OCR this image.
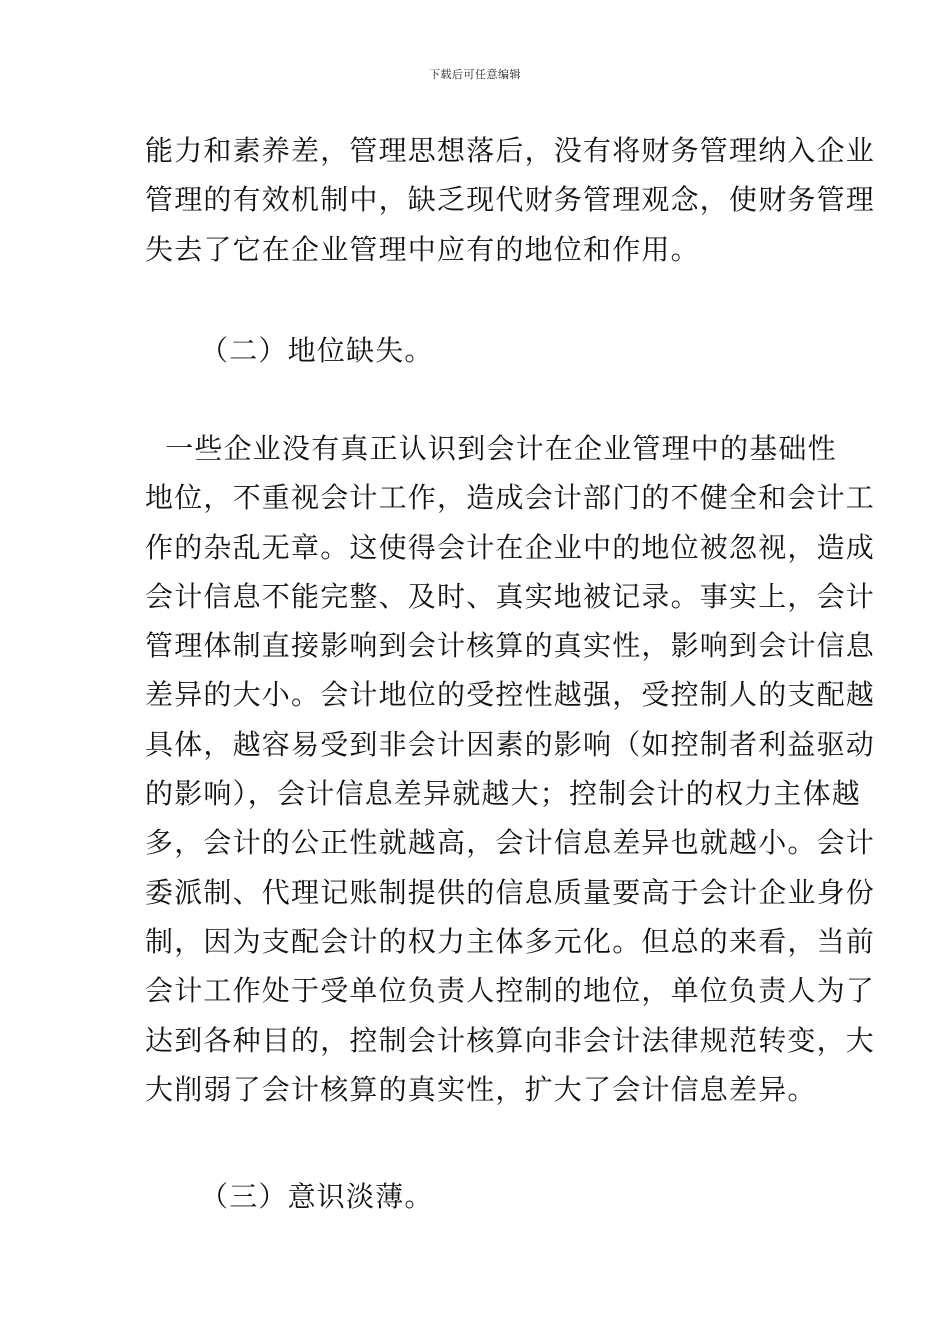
下载后可任意编辑

能力和素养差，管理思想落后，没有将财务管理纳入企业
管理的有效机制中，缺乏现代财务管理观念，使财务管理
失去了它在企业管理中应有的地位和作用。

（二）地位缺失。

一些企业没有真正认识到会计在企业管理中的基础性
地位，不重视会计工作，造成会计部门的不健全和会计工
作的杂乱无章。这使得会计在企业中的地位被忽视，造成
会计信息不能完整、及时、真实地被记录。事实上，会计
管理体制直接影响到会计核算的真实性，影响到会计信息
差异的大小。会计地位的受控性越强，受控制人的支配越
具体，越容易受到非会计因素的影响（如控制者利益驱动
的影响），会计信息差异就越大；控制会计的权力主体越
多，会计的公正性就越高，会计信息差异也就越小。会计
委派制、代理记账制提供的信息质量要高于会计企业身份
制，因为支配会计的权力主体多元化。但总的来看，当前
会计工作处于受单位负责人控制的地位，单位负责人为了
达到各种目的，控制会计核算向非会计法律规范转变，大
大削弱了会计核算的真实性，扩大了会计信息差异。

（三）意识淡薄。
